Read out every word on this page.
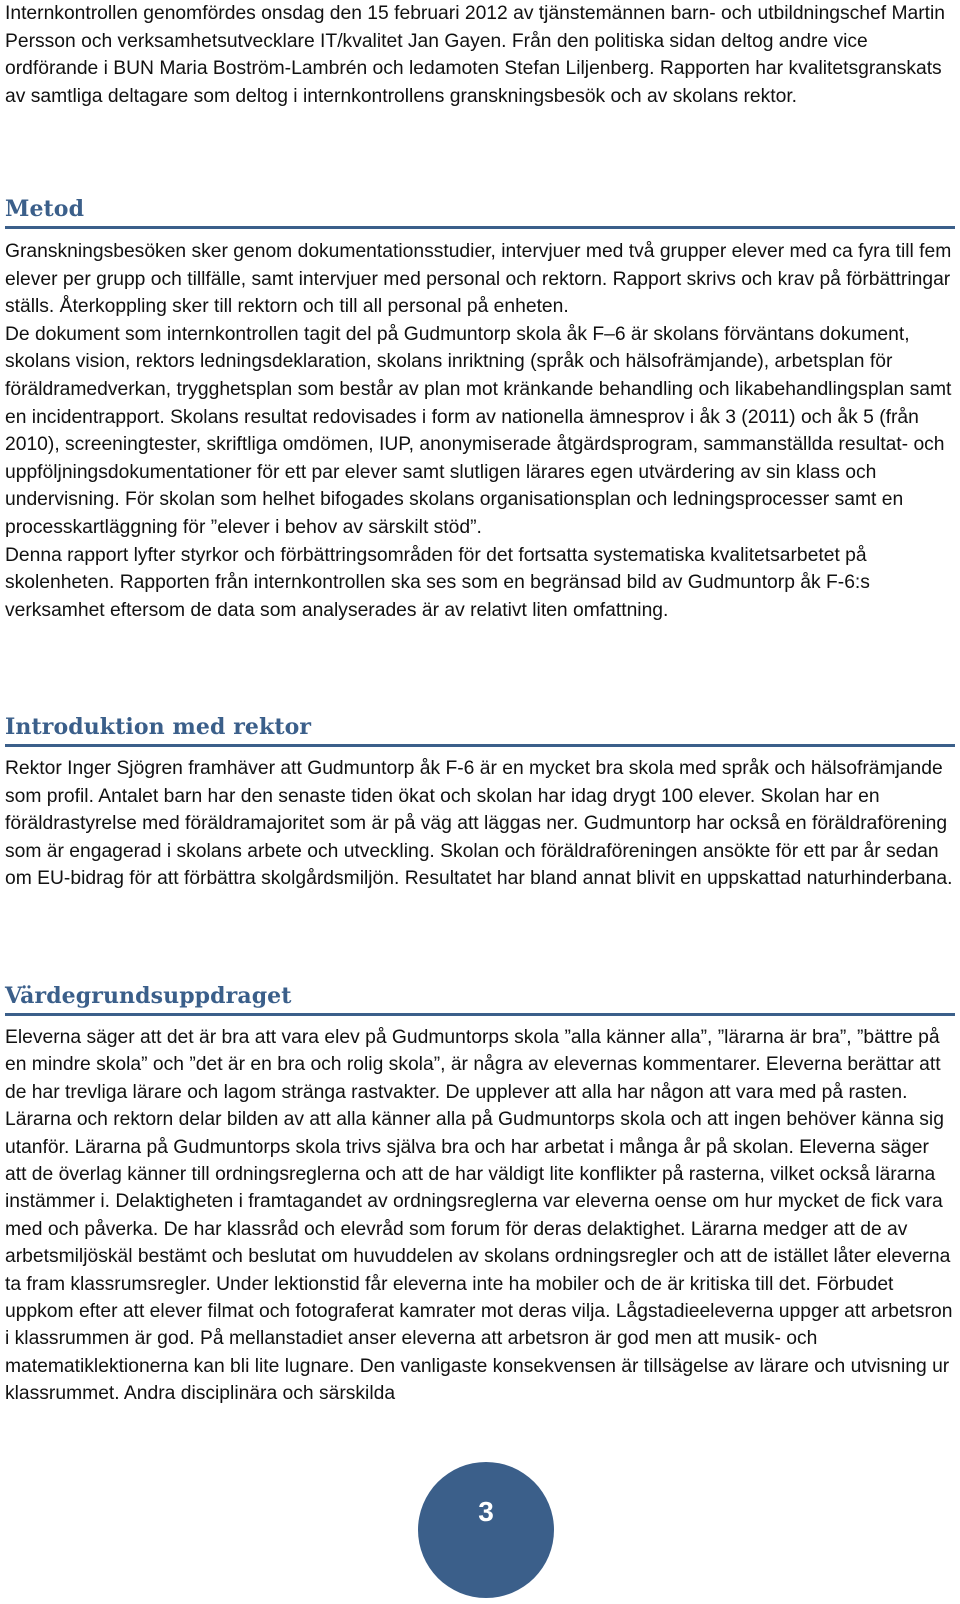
Internkontrollen genomfördes onsdag den 15 februari 2012 av tjänstemännen barn- och utbildningschef Martin Persson och verksamhetsutvecklare IT/kvalitet Jan Gayen. Från den politiska sidan deltog andre vice ordförande i BUN Maria Boström-Lambrén och ledamoten Stefan Liljenberg. Rapporten har kvalitetsgranskats av samtliga deltagare som deltog i internkontrollens granskningsbesök och av skolans rektor.

Metod

Granskningsbesöken sker genom dokumentationsstudier, intervjuer med två grupper elever med ca fyra till fem elever per grupp och tillfälle, samt intervjuer med personal och rektorn. Rapport skrivs och krav på förbättringar ställs. Återkoppling sker till rektorn och till all personal på enheten.

De dokument som internkontrollen tagit del på Gudmuntorp skola åk F–6 är skolans förväntans dokument, skolans vision, rektors ledningsdeklaration, skolans inriktning (språk och hälsofrämjande), arbetsplan för föräldramedverkan, trygghetsplan som består av plan mot kränkande behandling och likabehandlingsplan samt en incidentrapport. Skolans resultat redovisades i form av nationella ämnesprov i åk 3 (2011) och åk 5 (från 2010), screeningtester, skriftliga omdömen, IUP, anonymiserade åtgärdsprogram, sammanställda resultat- och uppföljningsdokumentationer för ett par elever samt slutligen lärares egen utvärdering av sin klass och undervisning. För skolan som helhet bifogades skolans organisationsplan och ledningsprocesser samt en processkartläggning för ”elever i behov av särskilt stöd”.

Denna rapport lyfter styrkor och förbättringsområden för det fortsatta systematiska kvalitetsarbetet på skolenheten. Rapporten från internkontrollen ska ses som en begränsad bild av Gudmuntorp åk F-6:s verksamhet eftersom de data som analyserades är av relativt liten omfattning.

Introduktion med rektor

Rektor Inger Sjögren framhäver att Gudmuntorp åk F-6 är en mycket bra skola med språk och hälsofrämjande som profil. Antalet barn har den senaste tiden ökat och skolan har idag drygt 100 elever. Skolan har en föräldrastyrelse med föräldramajoritet som är på väg att läggas ner. Gudmuntorp har också en föräldraförening som är engagerad i skolans arbete och utveckling. Skolan och föräldraföreningen ansökte för ett par år sedan om EU-bidrag för att förbättra skolgårdsmiljön. Resultatet har bland annat blivit en uppskattad naturhinderbana.

Värdegrundsuppdraget

Eleverna säger att det är bra att vara elev på Gudmuntorps skola ”alla känner alla”, ”lärarna är bra”, ”bättre på en mindre skola” och ”det är en bra och rolig skola”, är några av elevernas kommentarer. Eleverna berättar att de har trevliga lärare och lagom stränga rastvakter. De upplever att alla har någon att vara med på rasten. Lärarna och rektorn delar bilden av att alla känner alla på Gudmuntorps skola och att ingen behöver känna sig utanför. Lärarna på Gudmuntorps skola trivs själva bra och har arbetat i många år på skolan. Eleverna säger att de överlag känner till ordningsreglerna och att de har väldigt lite konflikter på rasterna, vilket också lärarna instämmer i. Delaktigheten i framtagandet av ordningsreglerna var eleverna oense om hur mycket de fick vara med och påverka. De har klassråd och elevråd som forum för deras delaktighet. Lärarna medger att de av arbetsmiljöskäl bestämt och beslutat om huvuddelen av skolans ordningsregler och att de istället låter eleverna ta fram klassrumsregler. Under lektionstid får eleverna inte ha mobiler och de är kritiska till det. Förbudet uppkom efter att elever filmat och fotograferat kamrater mot deras vilja. Lågstadieeleverna uppger att arbetsron i klassrummen är god. På mellanstadiet anser eleverna att arbetsron är god men att musik- och matematiklektionerna kan bli lite lugnare. Den vanligaste konsekvensen är tillsägelse av lärare och utvisning ur klassrummet. Andra disciplinära och särskilda

3
